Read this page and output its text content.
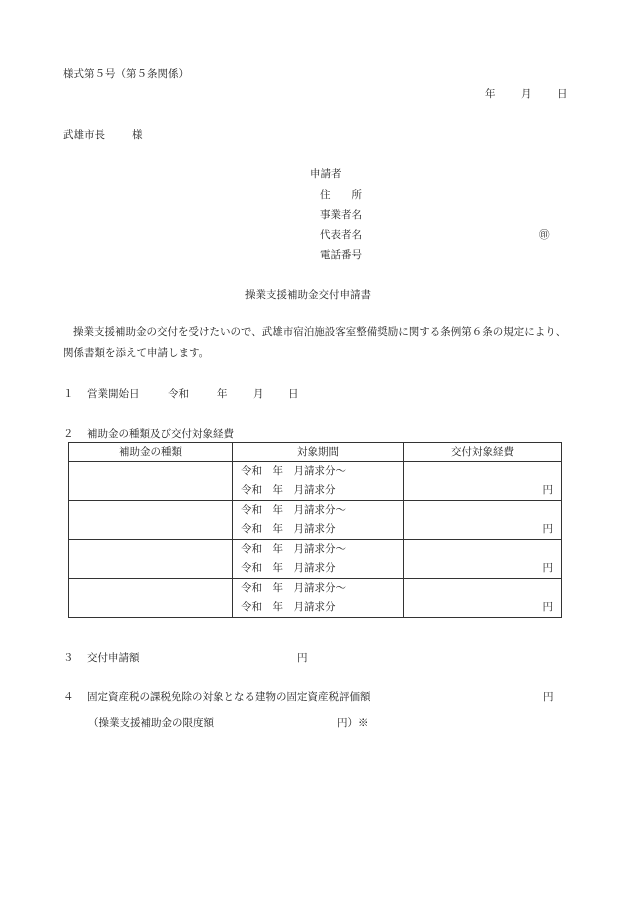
様式第５号（第５条関係）
年 月 日
武雄市長	様
申請者
住　　所
事業者名
代表者名	㊞
電話番号
操業支援補助金交付申請書
操業支援補助金の交付を受けたいので、武雄市宿泊施設客室整備奨励に関する条例第６条の規定により、関係書類を添えて申請します。
１ 営業開始日	令和	年 月 日
２ 補助金の種類及び交付対象経費
補助金の種類	対象期間	交付対象経費

	令和　年　月請求分～
令和　年　月請求分	円

	令和　年　月請求分～
令和　年　月請求分	円

	令和　年　月請求分～
令和　年　月請求分	円

	令和　年　月請求分～
令和　年　月請求分	円
３ 交付申請額	円
４ 固定資産税の課税免除の対象となる建物の固定資産税評価額	円
（操業支援補助金の限度額	円）※
